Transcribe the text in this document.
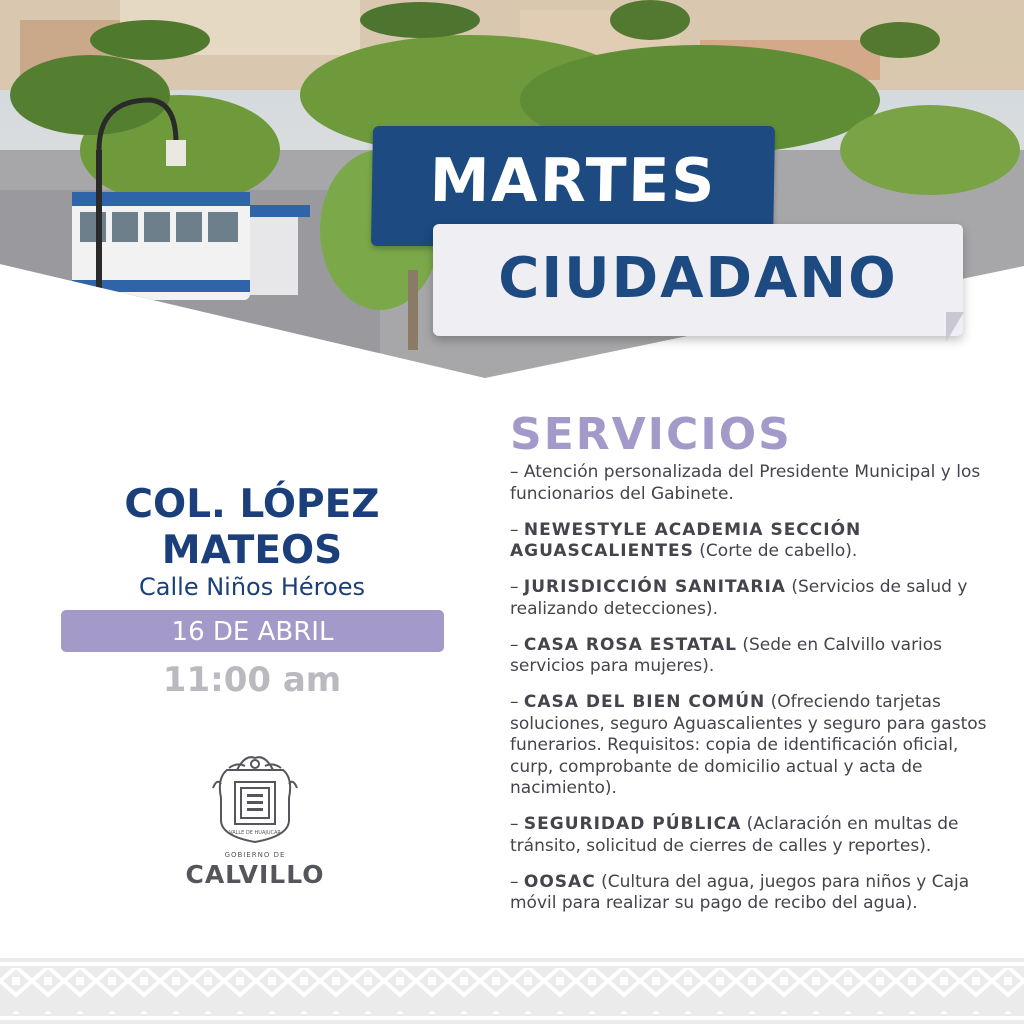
MARTES
CIUDADANO
COL. LÓPEZ
MATEOS
Calle Niños Héroes
16 DE ABRIL
11:00 am
VALLE DE HUAJUCAR
GOBIERNO DE
CALVILLO
SERVICIOS
– Atención personalizada del Presidente Municipal y los funcionarios del Gabinete.
– NEWESTYLE ACADEMIA SECCIÓN AGUASCALIENTES (Corte de cabello).
– JURISDICCIÓN SANITARIA (Servicios de salud y realizando detecciones).
– CASA ROSA ESTATAL (Sede en Calvillo varios servicios para mujeres).
– CASA DEL BIEN COMÚN (Ofreciendo tarjetas soluciones, seguro Aguascalientes y seguro para gastos funerarios. Requisitos: copia de identificación oficial, curp, comprobante de domicilio actual y acta de nacimiento).
– SEGURIDAD PÚBLICA (Aclaración en multas de tránsito, solicitud de cierres de calles y reportes).
– OOSAC (Cultura del agua, juegos para niños y Caja móvil para realizar su pago de recibo del agua).
